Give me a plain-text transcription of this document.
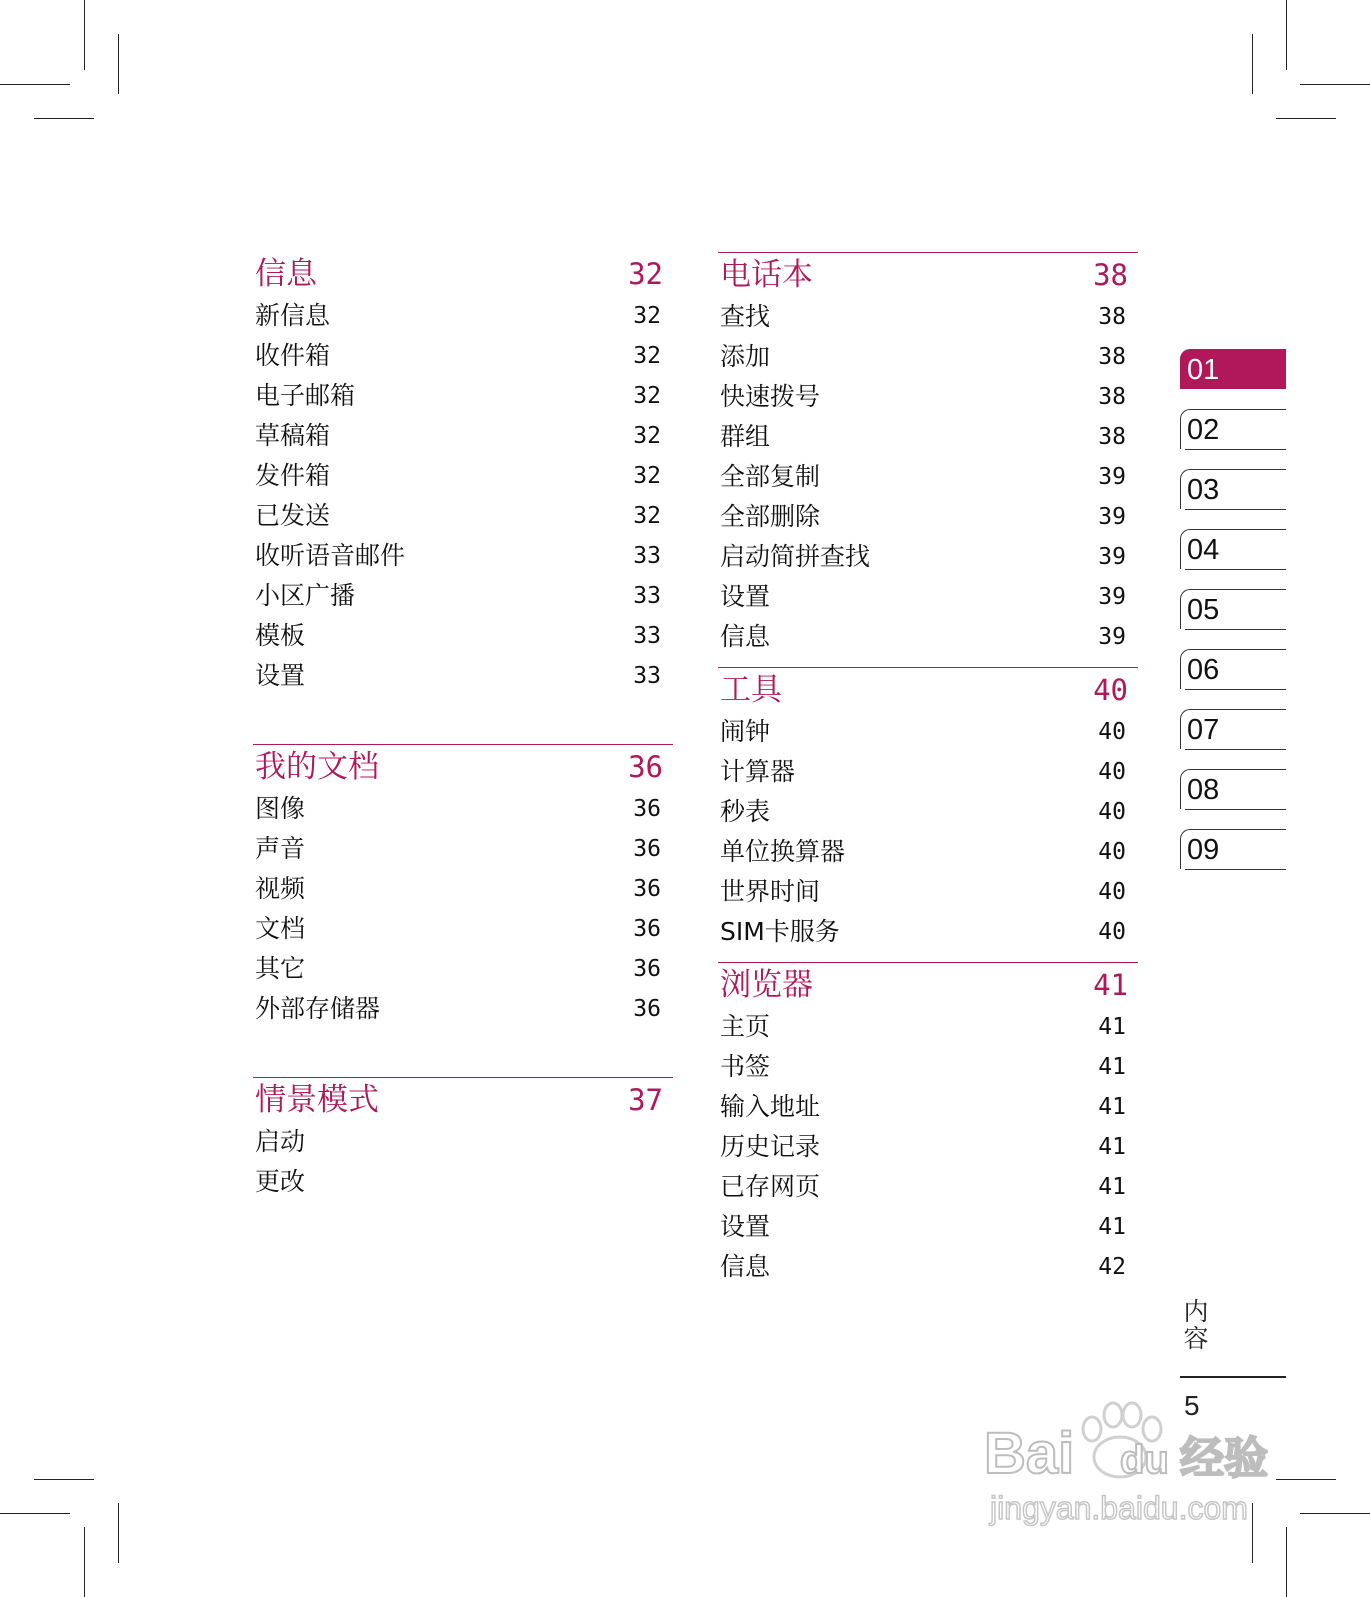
信息	32
新信息	32
收件箱	32
电子邮箱	32
草稿箱	32
发件箱	32
已发送	32
收听语音邮件	33
小区广播	33
模板	33
设置	33
我的文档	36
图像	36
声音	36
视频	36
文档	36
其它	36
外部存储器	36
情景模式	37
启动
更改
电话本	38
查找	38
添加	38
快速拨号	38
群组	38
全部复制	39
全部删除	39
启动简拼查找	39
设置	39
信息	39
工具	40
闹钟	40
计算器	40
秒表	40
单位换算器	40
世界时间	40
SIM卡服务	40
浏览器	41
主页	41
书签	41
输入地址	41
历史记录	41
已存网页	41
设置	41
信息	42
01
02
03
04
05
06
07
08
09
内容
5
Bai du 经验
jingyan.baidu.com
